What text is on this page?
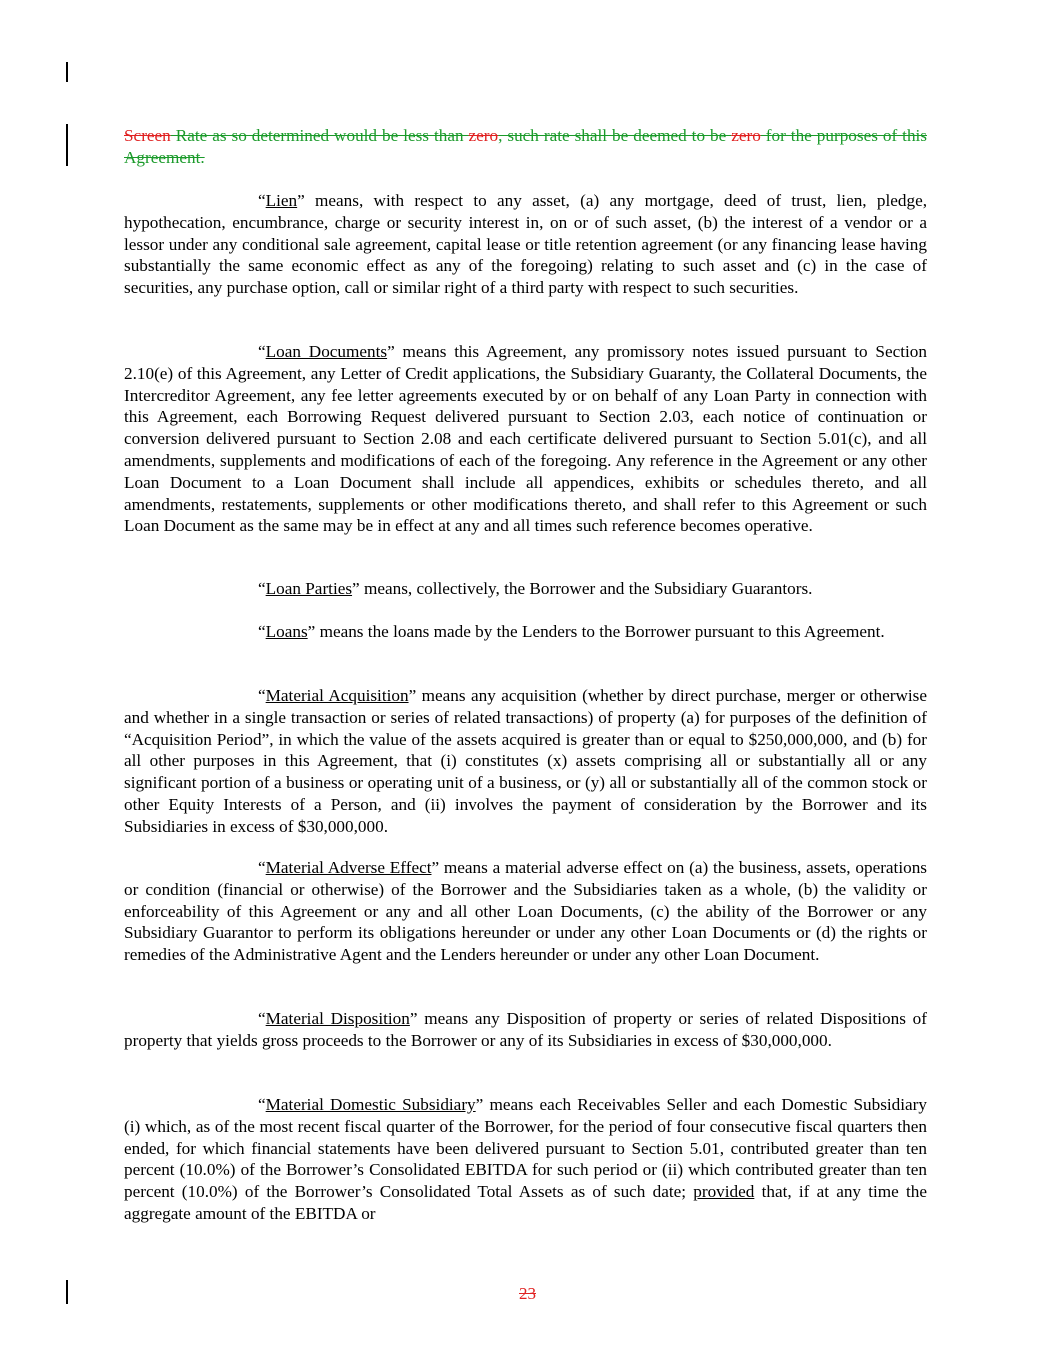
Screen Rate as so determined would be less than zero, such rate shall be deemed to be zero for the purposes of this Agreement.

“Lien” means, with respect to any asset, (a) any mortgage, deed of trust, lien, pledge, hypothecation, encumbrance, charge or security interest in, on or of such asset, (b) the interest of a vendor or a lessor under any conditional sale agreement, capital lease or title retention agreement (or any financing lease having substantially the same economic effect as any of the foregoing) relating to such asset and (c) in the case of securities, any purchase option, call or similar right of a third party with respect to such securities.

“Loan Documents” means this Agreement, any promissory notes issued pursuant to Section 2.10(e) of this Agreement, any Letter of Credit applications, the Subsidiary Guaranty, the Collateral Documents, the Intercreditor Agreement, any fee letter agreements executed by or on behalf of any Loan Party in connection with this Agreement, each Borrowing Request delivered pursuant to Section 2.03, each notice of continuation or conversion delivered pursuant to Section 2.08 and each certificate delivered pursuant to Section 5.01(c), and all amendments, supplements and modifications of each of the foregoing. Any reference in the Agreement or any other Loan Document to a Loan Document shall include all appendices, exhibits or schedules thereto, and all amendments, restatements, supplements or other modifications thereto, and shall refer to this Agreement or such Loan Document as the same may be in effect at any and all times such reference becomes operative.

“Loan Parties” means, collectively, the Borrower and the Subsidiary Guarantors.

“Loans” means the loans made by the Lenders to the Borrower pursuant to this Agreement.

“Material Acquisition” means any acquisition (whether by direct purchase, merger or otherwise and whether in a single transaction or series of related transactions) of property (a) for purposes of the definition of “Acquisition Period”, in which the value of the assets acquired is greater than or equal to $250,000,000, and (b) for all other purposes in this Agreement, that (i) constitutes (x) assets comprising all or substantially all or any significant portion of a business or operating unit of a business, or (y) all or substantially all of the common stock or other Equity Interests of a Person, and (ii) involves the payment of consideration by the Borrower and its Subsidiaries in excess of $30,000,000.

“Material Adverse Effect” means a material adverse effect on (a) the business, assets, operations or condition (financial or otherwise) of the Borrower and the Subsidiaries taken as a whole, (b) the validity or enforceability of this Agreement or any and all other Loan Documents, (c) the ability of the Borrower or any Subsidiary Guarantor to perform its obligations hereunder or under any other Loan Documents or (d) the rights or remedies of the Administrative Agent and the Lenders hereunder or under any other Loan Document.

“Material Disposition” means any Disposition of property or series of related Dispositions of property that yields gross proceeds to the Borrower or any of its Subsidiaries in excess of $30,000,000.

“Material Domestic Subsidiary” means each Receivables Seller and each Domestic Subsidiary (i) which, as of the most recent fiscal quarter of the Borrower, for the period of four consecutive fiscal quarters then ended, for which financial statements have been delivered pursuant to Section 5.01, contributed greater than ten percent (10.0%) of the Borrower’s Consolidated EBITDA for such period or (ii) which contributed greater than ten percent (10.0%) of the Borrower’s Consolidated Total Assets as of such date; provided that, if at any time the aggregate amount of the EBITDA or

23
